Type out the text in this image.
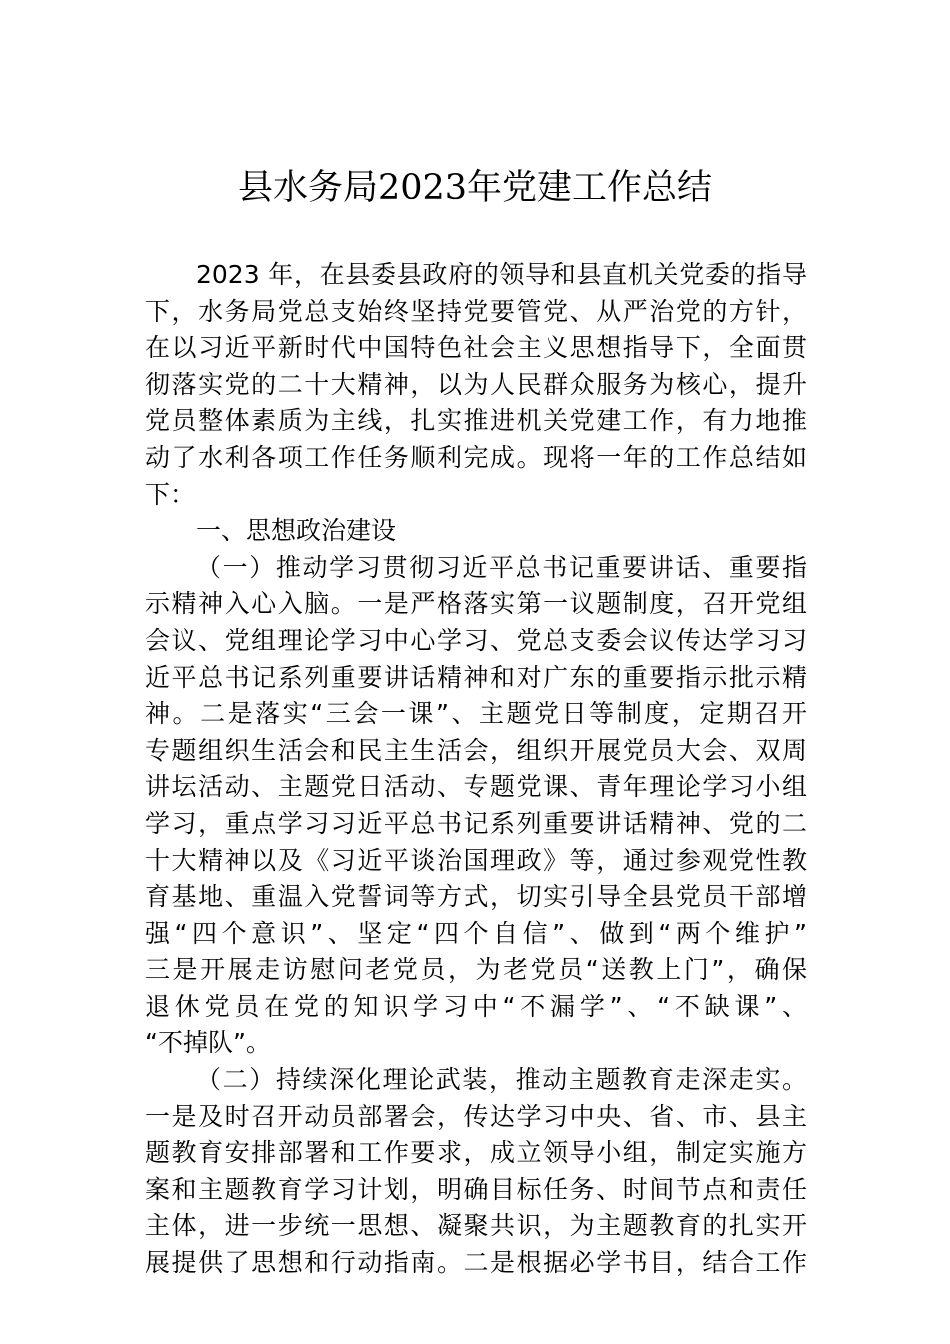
县水务局2023年党建工作总结
2023 年，在县委县政府的领导和县直机关党委的指导
下，水务局党总支始终坚持党要管党、从严治党的方针，
在以习近平新时代中国特色社会主义思想指导下，全面贯
彻落实党的二十大精神，以为人民群众服务为核心，提升
党员整体素质为主线，扎实推进机关党建工作，有力地推
动了水利各项工作任务顺利完成。现将一年的工作总结如
下：
一、思想政治建设
（一）推动学习贯彻习近平总书记重要讲话、重要指
示精神入心入脑。一是严格落实第一议题制度，召开党组
会议、党组理论学习中心学习、党总支委会议传达学习习
近平总书记系列重要讲话精神和对广东的重要指示批示精
神。二是落实“三会一课”、主题党日等制度，定期召开
专题组织生活会和民主生活会，组织开展党员大会、双周
讲坛活动、主题党日活动、专题党课、青年理论学习小组
学习，重点学习习近平总书记系列重要讲话精神、党的二
十大精神以及《习近平谈治国理政》等，通过参观党性教
育基地、重温入党誓词等方式，切实引导全县党员干部增
强“四个意识”、坚定“四个自信”、做到“两个维护”
三是开展走访慰问老党员，为老党员“送教上门”，确保
退休党员在党的知识学习中“不漏学”、“不缺课”、
“不掉队”。
（二）持续深化理论武装，推动主题教育走深走实。
一是及时召开动员部署会，传达学习中央、省、市、县主
题教育安排部署和工作要求，成立领导小组，制定实施方
案和主题教育学习计划，明确目标任务、时间节点和责任
主体，进一步统一思想、凝聚共识，为主题教育的扎实开
展提供了思想和行动指南。二是根据必学书目，结合工作
